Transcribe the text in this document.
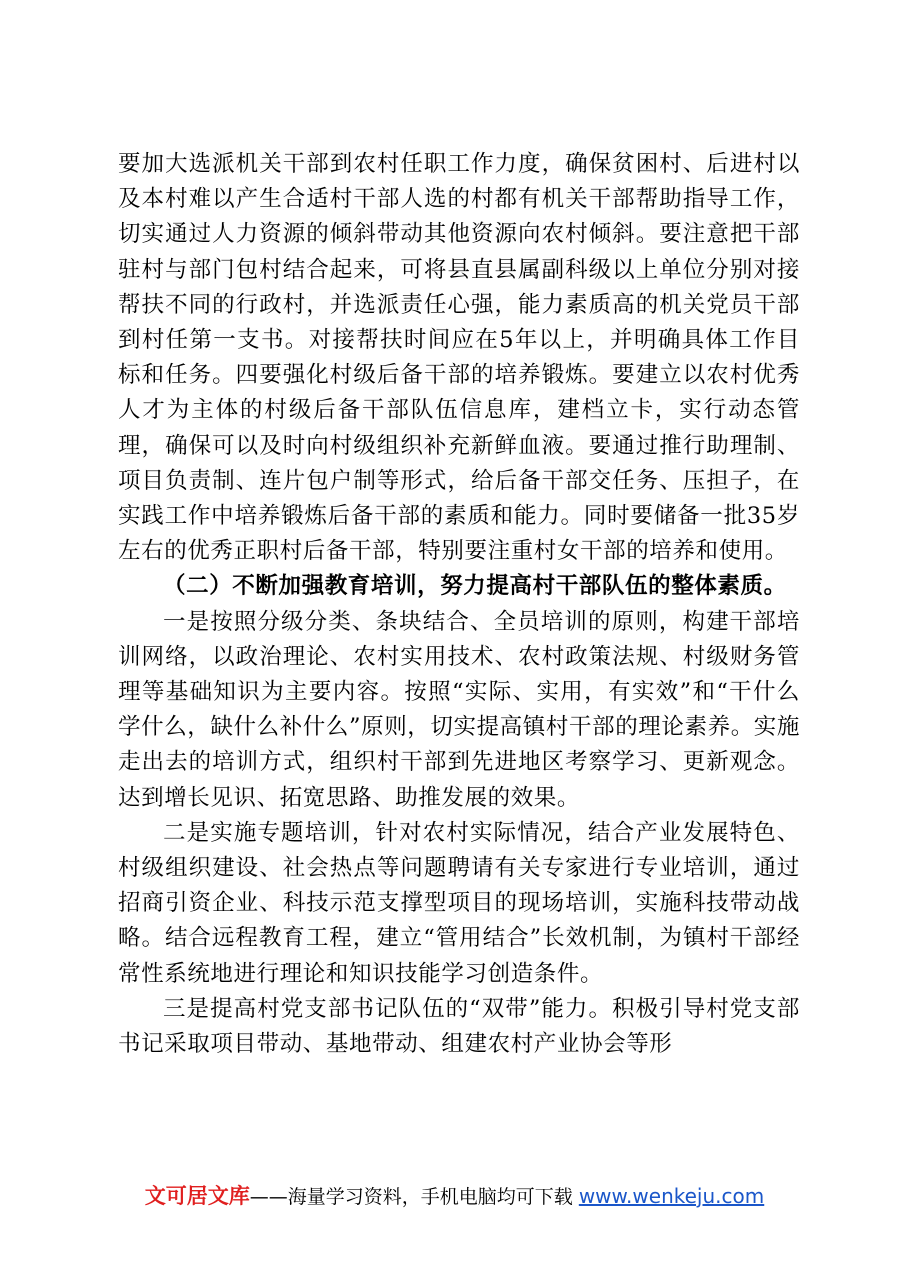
要加大选派机关干部到农村任职工作力度，确保贫困村、后进村以及本村难以产生合适村干部人选的村都有机关干部帮助指导工作，切实通过人力资源的倾斜带动其他资源向农村倾斜。要注意把干部驻村与部门包村结合起来，可将县直县属副科级以上单位分别对接帮扶不同的行政村，并选派责任心强，能力素质高的机关党员干部到村任第一支书。对接帮扶时间应在5年以上，并明确具体工作目标和任务。四要强化村级后备干部的培养锻炼。要建立以农村优秀人才为主体的村级后备干部队伍信息库，建档立卡，实行动态管理，确保可以及时向村级组织补充新鲜血液。要通过推行助理制、项目负责制、连片包户制等形式，给后备干部交任务、压担子，在实践工作中培养锻炼后备干部的素质和能力。同时要储备一批35岁左右的优秀正职村后备干部，特别要注重村女干部的培养和使用。

（二）不断加强教育培训，努力提高村干部队伍的整体素质。

一是按照分级分类、条块结合、全员培训的原则，构建干部培训网络，以政治理论、农村实用技术、农村政策法规、村级财务管理等基础知识为主要内容。按照“实际、实用，有实效”和“干什么学什么，缺什么补什么”原则，切实提高镇村干部的理论素养。实施走出去的培训方式，组织村干部到先进地区考察学习、更新观念。达到增长见识、拓宽思路、助推发展的效果。

二是实施专题培训，针对农村实际情况，结合产业发展特色、村级组织建设、社会热点等问题聘请有关专家进行专业培训，通过招商引资企业、科技示范支撑型项目的现场培训，实施科技带动战略。结合远程教育工程，建立“管用结合”长效机制，为镇村干部经常性系统地进行理论和知识技能学习创造条件。

三是提高村党支部书记队伍的“双带”能力。积极引导村党支部书记采取项目带动、基地带动、组建农村产业协会等形

文可居文库——海量学习资料，手机电脑均可下载 www.wenkeju.com
